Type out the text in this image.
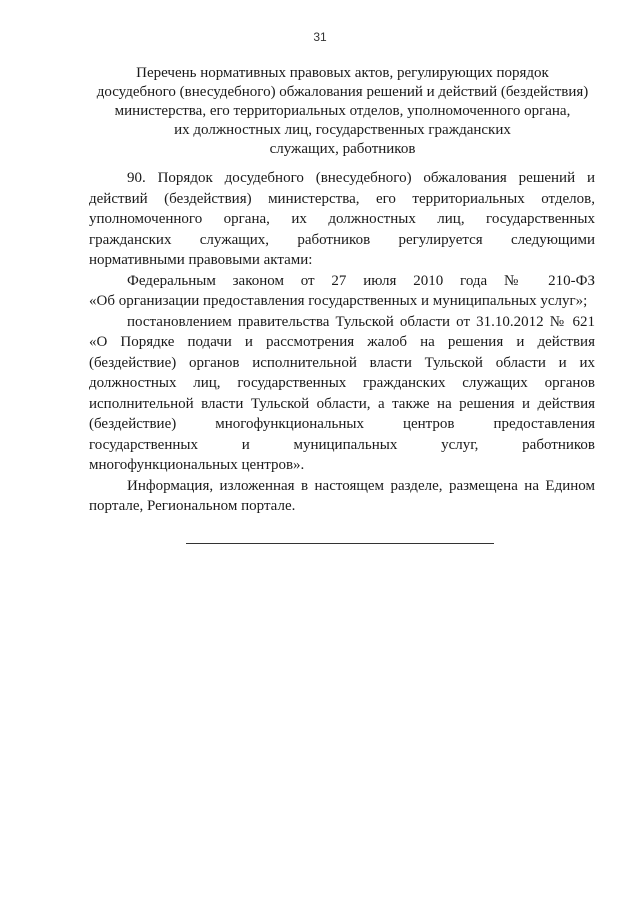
31
Перечень нормативных правовых актов, регулирующих порядок
досудебного (внесудебного) обжалования решений и действий (бездействия)
министерства, его территориальных отделов, уполномоченного органа,
их должностных лиц, государственных гражданских
служащих, работников
90. Порядок досудебного (внесудебного) обжалования решений и
действий (бездействия) министерства, его территориальных отделов,
уполномоченного органа, их должностных лиц, государственных
гражданских служащих, работников регулируется следующими
нормативными правовыми актами:
Федеральным законом от 27 июля 2010 года № 210-ФЗ
«Об организации предоставления государственных и муниципальных услуг»;
постановлением правительства Тульской области от 31.10.2012 № 621
«О Порядке подачи и рассмотрения жалоб на решения и действия
(бездействие) органов исполнительной власти Тульской области и их
должностных лиц, государственных гражданских служащих органов
исполнительной власти Тульской области, а также на решения и действия
(бездействие) многофункциональных центров предоставления
государственных и муниципальных услуг, работников
многофункциональных центров».
Информация, изложенная в настоящем разделе, размещена на Едином
портале, Региональном портале.
